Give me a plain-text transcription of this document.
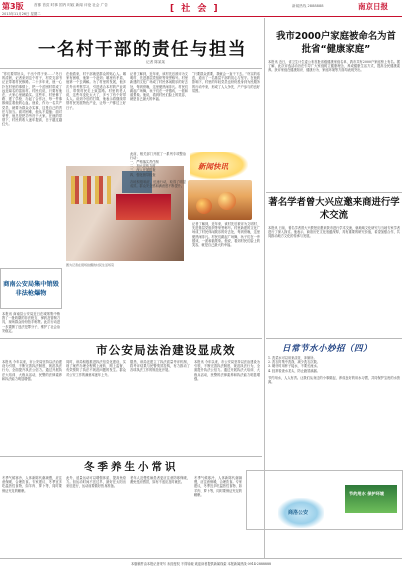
第3版	首都 首页 时事 国内 时政 新闻 评论 社会 广告	[ 社 会 ]	新闻热线 2888888	南京日报
2013年11月26日 星期二
一名村干部的责任与担当
记者 陈某某
“你们要带好头，干出个样子来……”冬日的清晨，记者来到这个村子，村党支部书记正带着村民修路。二十多年来，他一心扑在村里的事情上，把一个贫困村带成了远近闻名的富裕村。村民们说，只要有他在，大家心里就踏实。这些年，村里修了路、建了学校、办起了合作社，每一件事都倾注着他的心血。他说，作为一名共产党员，就要为群众办实事，这是自己的责任与担当。面对困难，他从不退缩；面对荣誉，他总是把功劳归于大家。在他的带领下，村民的收入逐年提高，日子越过越红火。
在他看来，村干部就是群众的贴心人。哪家有困难，他第一个赶到；哪里有矛盾，他第一个去调解。为了村里的发展，他多次外出考察学习，引进适合本村的产业项目，带领村民走上致富路。村里的老人说，这些年变化太大了，多亏了有个好带头人。谈到今后的打算，他表示将继续带领村民发展特色产业，让每一户都过上好日子。
记者了解到，近年来，该村先后被评为文明村、先进基层党组织等荣誉称号。村里新建的文化广场成了村民休闲娱乐的好去处，每到傍晚，这里便热闹非凡。村民们跳起广场舞，孩子们在一旁嬉戏，一派和谐景象。他说，看到村民们脸上的笑容，就是自己最大的幸福。
“只要群众需要，我就会一直干下去。”朴实的话语，道出了一名基层干部的初心与坚守。在他的影响下，村里的年轻党员也纷纷投身到为民服务的行动中来，形成了人人争先、户户参与的良好氛围。
图为记者在现场拍摄的村民生活场景
商南公安局集中销毁非法枪爆物
本报讯 商南县公安局近日在城郊集中销毁了一批收缴的非法枪支、弹药及管制刀具，现场群众纷纷拍手称赞。此次行动进一步震慑了违法犯罪分子，维护了社会治安稳定。
此前，相关部门开展了一系列专项整治行动：
一、严格落实责任制
二、加大宣传力度
三、深入开展排查
四、强化督导检查
各地积极响应，迅速行动，取得了明显成效。群众安全感和满意度不断提升。
新闻快讯
记者了解到，近年来，该村先后被评为文明村、先进基层党组织等荣誉称号。村里新建的文化广场成了村民休闲娱乐的好去处，每到傍晚，这里便热闹非凡。村民们跳起广场舞，孩子们在一旁嬉戏，一派和谐景象。他说，看到村民们脸上的笑容，就是自己最大的幸福。
市公安局法治建设显成效
本报讯 今年以来，市公安局坚持以法治建设为引领，不断完善执法制度，规范执法行为，全面提升执法公信力。通过开展执法大培训、大练兵活动，民警的法律素养和执法能力明显增强。
同时，该局积极推进执法信息化建设，实现了案件办理全程网上流转、网上监督，有效预防了执法不规范问题的发生。群众对公安工作的满意率逐年上升。
据悉，该局还建立了执法质量考评机制，将考评结果与民警绩效挂钩，有力推动了各项执法工作的规范化开展。
本报讯 今年以来，市公安局坚持以法治建设为引领，不断完善执法制度，规范执法行为，全面提升执法公信力。通过开展执法大培训、大练兵活动，民警的法律素养和执法能力明显增强。
冬季养生小常识
冬季气候寒冷，人体新陈代谢减慢，应注意保暖，合理饮食。专家建议，冬季宜多吃温热性食物，如羊肉、萝卜等，同时要保证充足的睡眠。
此外，适量运动可以增强体质，提高免疫力。但运动时间不宜过早，最好在太阳出来后进行，运动前要做好热身准备。
老年人及慢性病患者更应注意防寒保暖，避免受凉感冒，如有不适应及时就医。
冬季气候寒冷，人体新陈代谢减慢，应注意保暖，合理饮食。专家建议，冬季宜多吃温热性食物，如羊肉、萝卜等，同时要保证充足的睡眠。
我市2000户家庭被命名为首批省“健康家庭”
本报讯 近日，省卫生计生委公布首批省级健康家庭名单，我市共有2000户家庭榜上有名。据了解，此次评选活动旨在引导广大家庭树立健康理念，养成健康生活方式，提高全民健康素养。获评家庭在健康知识、健康行为、家庭环境等方面均表现突出。
著名学者曾大兴应邀来商进行学术交流
本报讯 日前，著名学者曾大兴教授应邀来我市进行学术交流，就地域文化研究与当地专家学者进行了深入探讨。他表示，商洛历史文化底蕴深厚，具有重要的研究价值，希望加强合作，共同推动地方文化的传承与发展。
日常节水小妙招（四）
1. 洗菜水可以用来浇花、冲厕所。
2. 洗衣时集中洗涤，减少洗衣次数。
3. 刷牙时用杯子接水，不要长流水。
4. 经常检查水龙头，防止跑冒滴漏。
节约用水，人人有责。让我们从身边的小事做起，养成良好的用水习惯，共同保护宝贵的水资源。
节约用水 保护环境
商洛公安
本版稿件由本报记者采写 未经授权 不得转载 欢迎读者提供新闻线索 本报新闻热线 0914-2888888
